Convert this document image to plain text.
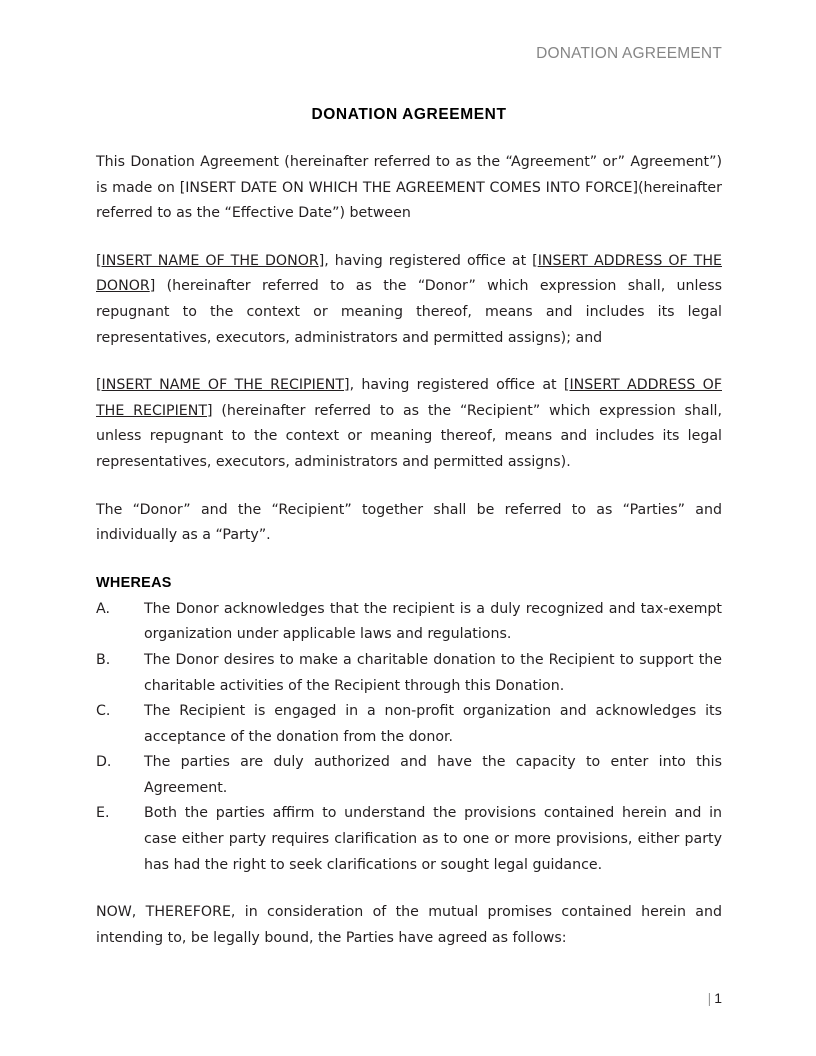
DONATION AGREEMENT
DONATION AGREEMENT

This Donation Agreement (hereinafter referred to as the “Agreement” or” Agreement”) is made on [INSERT DATE ON WHICH THE AGREEMENT COMES INTO FORCE](hereinafter referred to as the “Effective Date”) between

[INSERT NAME OF THE DONOR], having registered office at [INSERT ADDRESS OF THE DONOR] (hereinafter referred to as the “Donor” which expression shall, unless repugnant to the context or meaning thereof, means and includes its legal representatives, executors, administrators and permitted assigns); and

[INSERT NAME OF THE RECIPIENT], having registered office at [INSERT ADDRESS OF THE RECIPIENT] (hereinafter referred to as the “Recipient” which expression shall, unless repugnant to the context or meaning thereof, means and includes its legal representatives, executors, administrators and permitted assigns).

The “Donor” and the “Recipient” together shall be referred to as “Parties” and individually as a “Party”.

WHEREAS

A.	The Donor acknowledges that the recipient is a duly recognized and tax-exempt organization under applicable laws and regulations.
B.	The Donor desires to make a charitable donation to the Recipient to support the charitable activities of the Recipient through this Donation.
C.	The Recipient is engaged in a non-profit organization and acknowledges its acceptance of the donation from the donor.
D.	The parties are duly authorized and have the capacity to enter into this Agreement.
E.	Both the parties affirm to understand the provisions contained herein and in case either party requires clarification as to one or more provisions, either party has had the right to seek clarifications or sought legal guidance.

NOW, THEREFORE, in consideration of the mutual promises contained herein and intending to, be legally bound, the Parties have agreed as follows:

| 1
